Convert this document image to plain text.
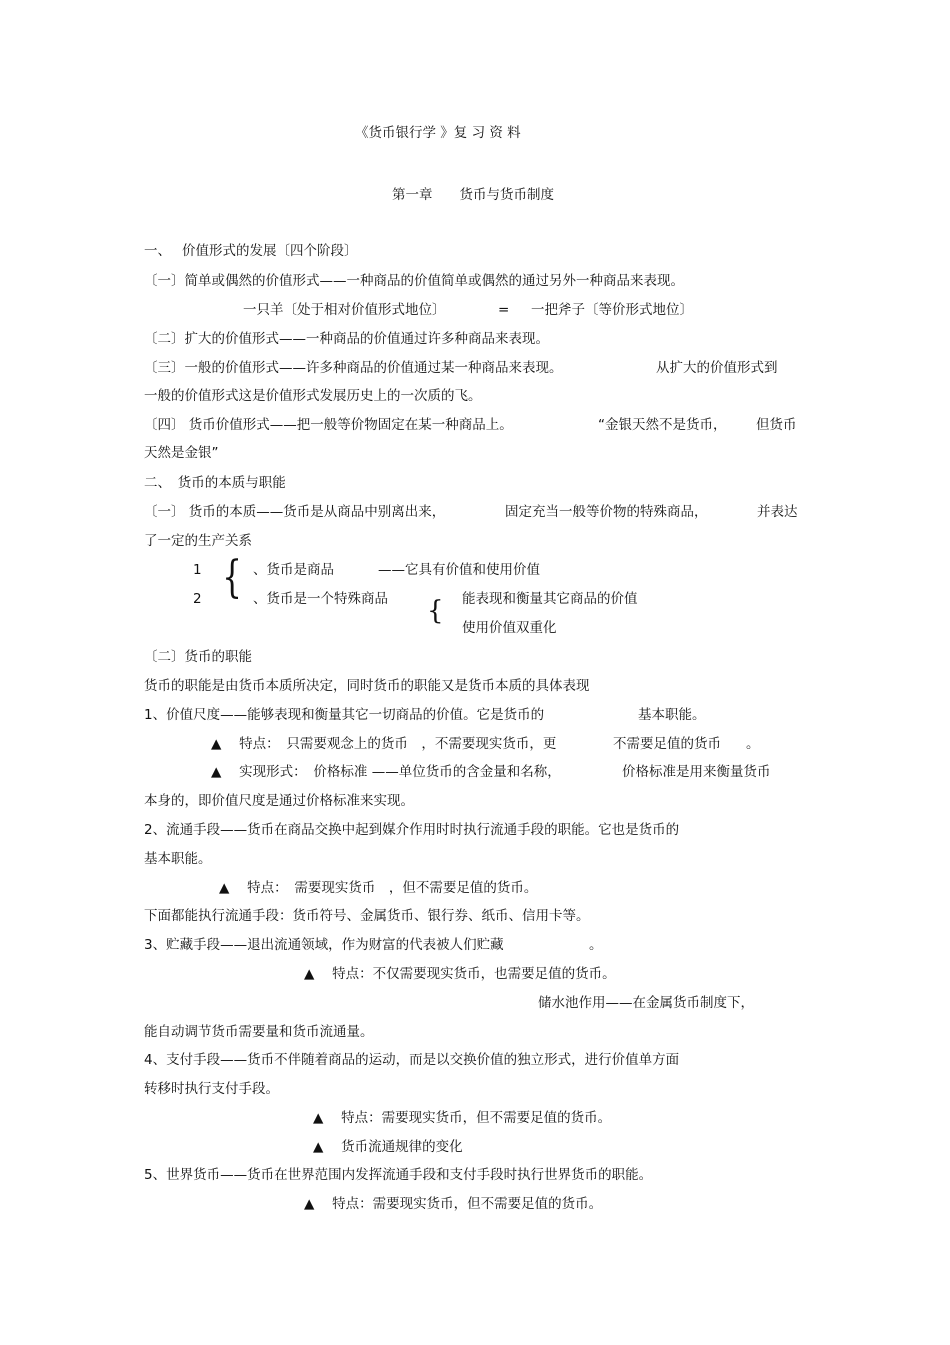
《货币银行学 》复 习 资 料
第一章　　货币与货币制度
一、　 价值形式的发展〔四个阶段〕
〔一〕简单或偶然的价值形式——一种商品的价值简单或偶然的通过另外一种商品来表现。
一只羊〔处于相对价值形式地位〕	= 一把斧子〔等价形式地位〕
〔二〕扩大的价值形式——一种商品的价值通过许多种商品来表现。
〔三〕一般的价值形式——许多种商品的价值通过某一种商品来表现。	从扩大的价值形式到
一般的价值形式这是价值形式发展历史上的一次质的飞。
〔四〕 货币价值形式——把一般等价物固定在某一种商品上。	“金银天然不是货币， 但货币
天然是金银”
二、　货币的本质与职能
〔一〕 货币的本质——货币是从商品中别离出来，	固定充当一般等价物的特殊商品，	并表达
了一定的生产关系
1 { 、货币是商品	——它具有价值和使用价值
2	、货币是一个特殊商品 { 能表现和衡量其它商品的价值
使用价值双重化
〔二〕货币的职能
货币的职能是由货币本质所决定，同时货币的职能又是货币本质的具体表现
1、价值尺度——能够表现和衡量其它一切商品的价值。它是货币的	基本职能。
▲　 特点：　只需要观念上的货币　，不需要现实货币，更	不需要足值的货币 。
▲　 实现形式：　价格标准 ——单位货币的含金量和名称，	价格标准是用来衡量货币
本身的，即价值尺度是通过价格标准来实现。
2、流通手段——货币在商品交换中起到媒介作用时时执行流通手段的职能。它也是货币的
基本职能。
▲　 特点：　需要现实货币　，但不需要足值的货币。
下面都能执行流通手段：货币符号、金属货币、银行券、纸币、信用卡等。
3、贮藏手段——退出流通领域，作为财富的代表被人们贮藏	。
▲　 特点：不仅需要现实货币，也需要足值的货币。
储水池作用——在金属货币制度下，
能自动调节货币需要量和货币流通量。
4、支付手段——货币不伴随着商品的运动，而是以交换价值的独立形式，进行价值单方面
转移时执行支付手段。
▲　 特点：需要现实货币，但不需要足值的货币。
▲　 货币流通规律的变化
5、世界货币——货币在世界范围内发挥流通手段和支付手段时执行世界货币的职能。
▲　 特点：需要现实货币，但不需要足值的货币。
